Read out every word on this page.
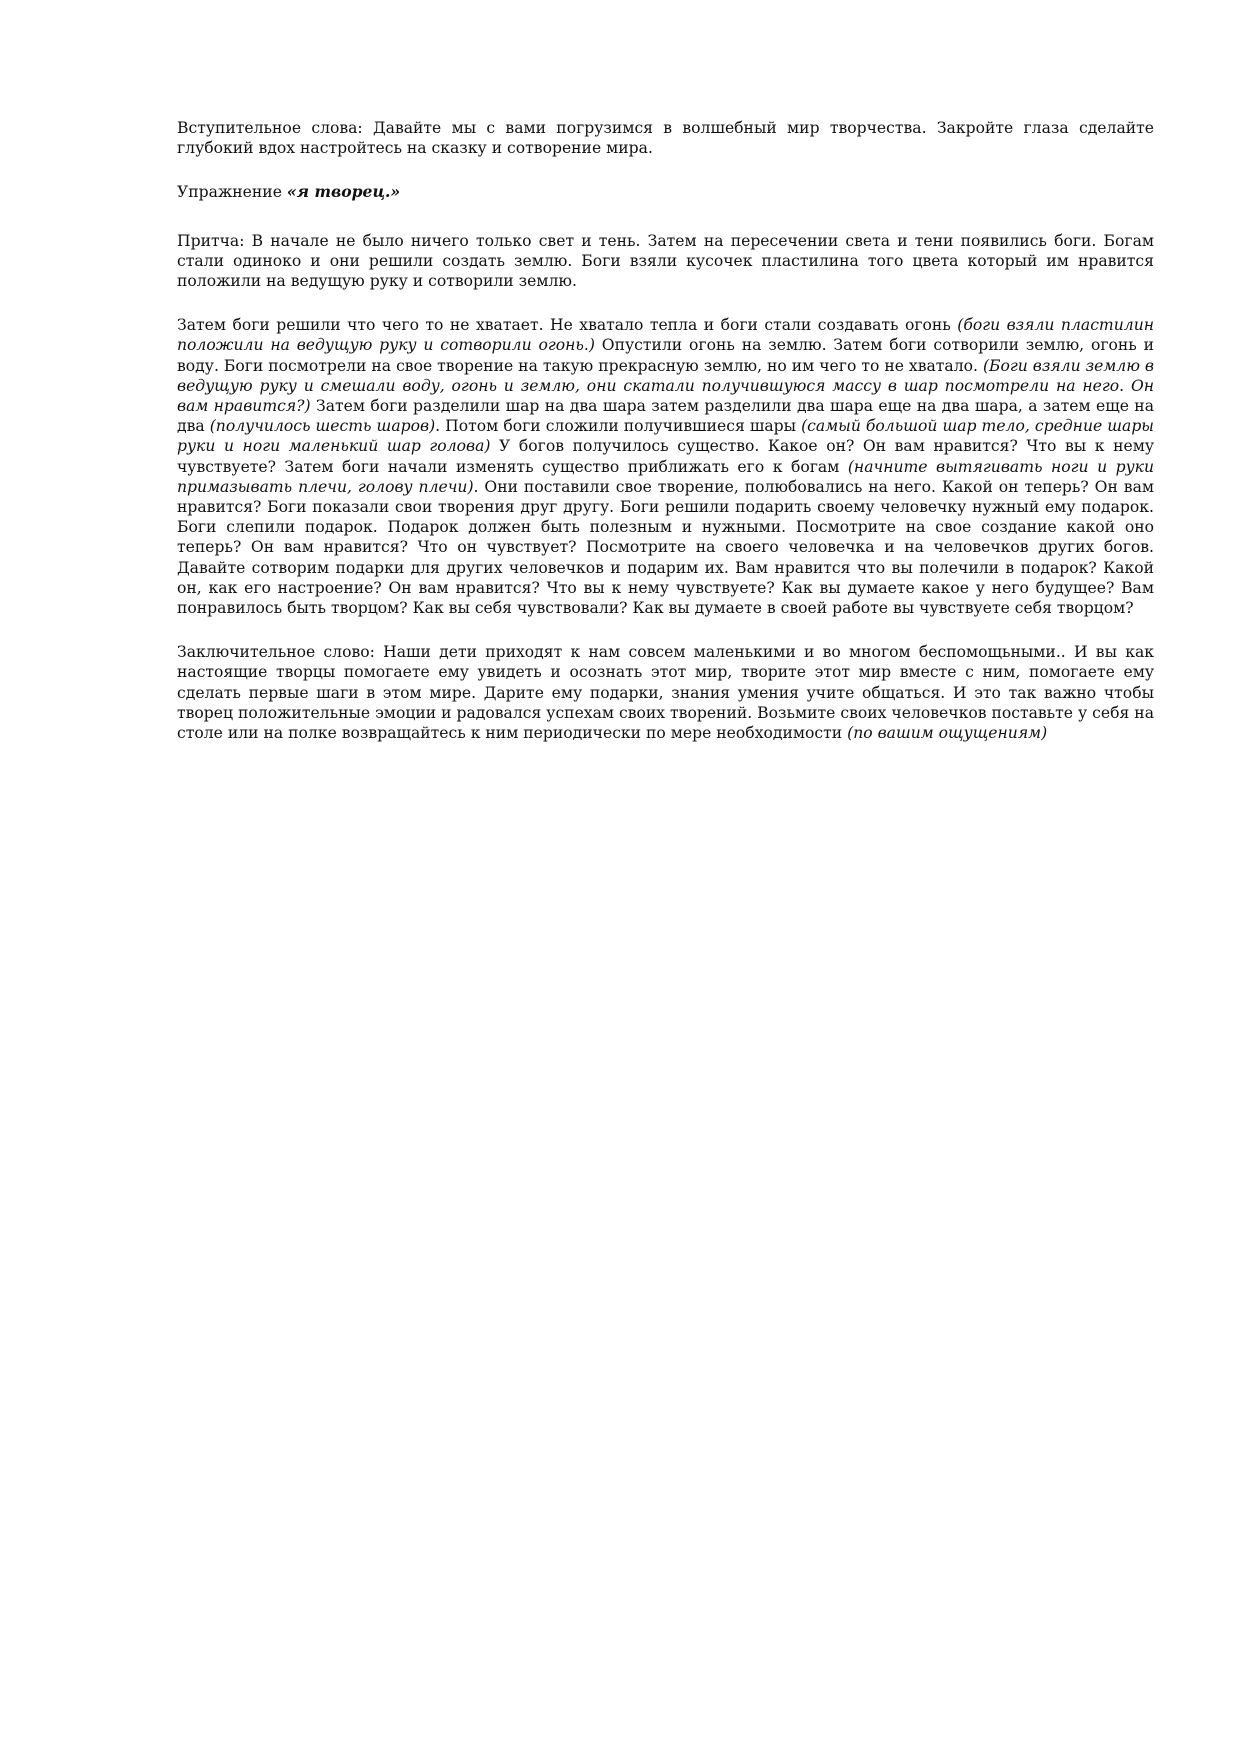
Вступительное слова: Давайте мы с вами погрузимся в волшебный мир творчества. Закройте глаза сделайте глубокий вдох настройтесь на сказку и сотворение мира.

Упражнение «я творец.»

Притча: В начале не было ничего только свет и тень. Затем на пересечении света и тени появились боги. Богам стали одиноко и они решили создать землю. Боги взяли кусочек пластилина того цвета который им нравится положили на ведущую руку и сотворили землю.

Затем боги решили что чего то не хватает. Не хватало тепла и боги стали создавать огонь (боги взяли пластилин положили на ведущую руку и сотворили огонь.) Опустили огонь на землю. Затем боги сотворили землю, огонь и воду. Боги посмотрели на свое творение на такую прекрасную землю, но им чего то не хватало. (Боги взяли землю в ведущую руку и смешали воду, огонь и землю, они скатали получившуюся массу в шар посмотрели на него. Он вам нравится?) Затем боги разделили шар на два шара затем разделили два шара еще на два шара, а затем еще на два (получилось шесть шаров). Потом боги сложили получившиеся шары (самый большой шар тело, средние шары руки и ноги маленький шар голова) У богов получилось существо. Какое он? Он вам нравится? Что вы к нему чувствуете? Затем боги начали изменять существо приближать его к богам (начните вытягивать ноги и руки примазывать плечи, голову плечи). Они поставили свое творение, полюбовались на него. Какой он теперь? Он вам нравится? Боги показали свои творения друг другу. Боги решили подарить своему человечку нужный ему подарок. Боги слепили подарок. Подарок должен быть полезным и нужными. Посмотрите на свое создание какой оно теперь? Он вам нравится? Что он чувствует? Посмотрите на своего человечка и на человечков других богов. Давайте сотворим подарки для других человечков и подарим их. Вам нравится что вы полечили в подарок? Какой он, как его настроение? Он вам нравится? Что вы к нему чувствуете? Как вы думаете какое у него будущее? Вам понравилось быть творцом? Как вы себя чувствовали? Как вы думаете в своей работе вы чувствуете себя творцом?

Заключительное слово: Наши дети приходят к нам совсем маленькими и во многом беспомощьными.. И вы как настоящие творцы помогаете ему увидеть и осознать этот мир, творите этот мир вместе с ним, помогаете ему сделать первые шаги в этом мире. Дарите ему подарки, знания умения учите общаться. И это так важно чтобы творец положительные эмоции и радовался успехам своих творений. Возьмите своих человечков поставьте у себя на столе или на полке возвращайтесь к ним периодически по мере необходимости (по вашим ощущениям)
